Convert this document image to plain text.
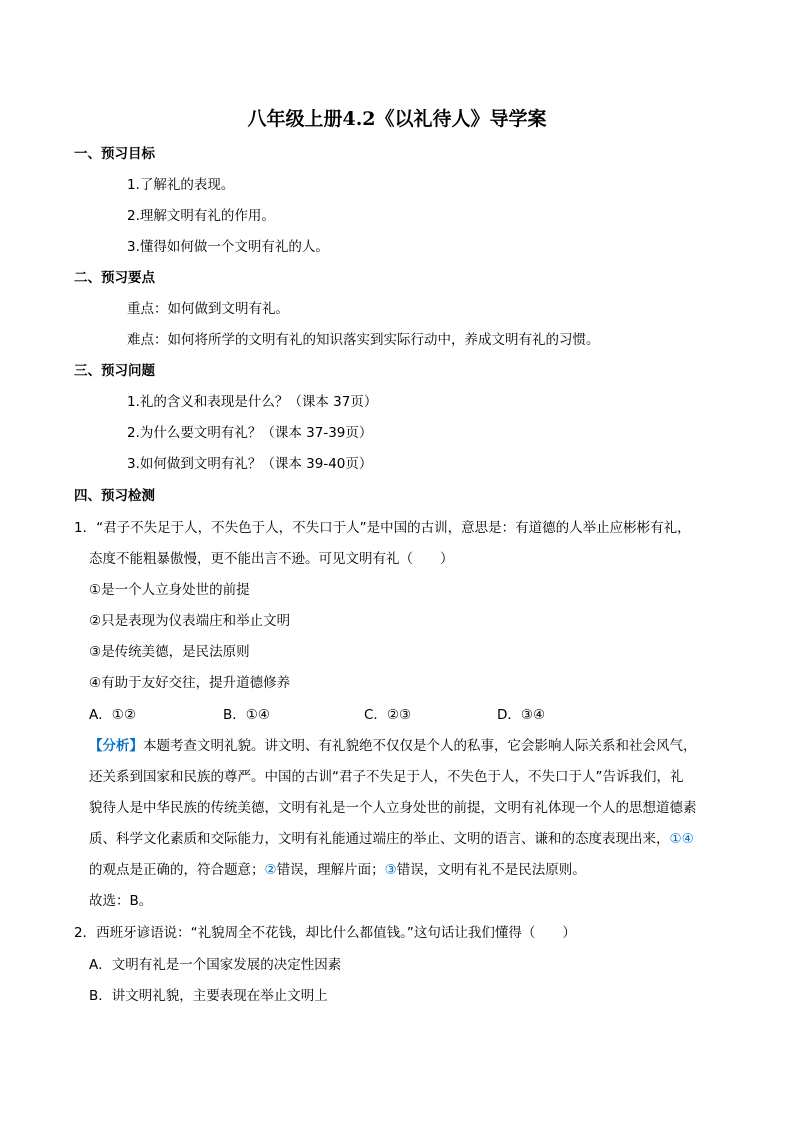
八年级上册4.2《以礼待人》导学案
一、预习目标
1.了解礼的表现。
2.理解文明有礼的作用。
3.懂得如何做一个文明有礼的人。
二、预习要点
重点：如何做到文明有礼。
难点：如何将所学的文明有礼的知识落实到实际行动中，养成文明有礼的习惯。
三、预习问题
1.礼的含义和表现是什么？（课本 37页）
2.为什么要文明有礼？（课本 37-39页）
3.如何做到文明有礼？（课本 39-40页）
四、预习检测
1．“君子不失足于人，不失色于人，不失口于人”是中国的古训，意思是：有道德的人举止应彬彬有礼，
态度不能粗暴傲慢，更不能出言不逊。可见文明有礼（　　）
①是一个人立身处世的前提
②只是表现为仪表端庄和举止文明
③是传统美德，是民法原则
④有助于友好交往，提升道德修养
A．①②	B．①④	C．②③	D．③④
【分析】本题考查文明礼貌。讲文明、有礼貌绝不仅仅是个人的私事，它会影响人际关系和社会风气，
还关系到国家和民族的尊严。中国的古训“君子不失足于人，不失色于人，不失口于人”告诉我们，礼
貌待人是中华民族的传统美德，文明有礼是一个人立身处世的前提，文明有礼体现一个人的思想道德素
质、科学文化素质和交际能力，文明有礼能通过端庄的举止、文明的语言、谦和的态度表现出来，①④
的观点是正确的，符合题意；②错误，理解片面；③错误，文明有礼不是民法原则。
故选：B。
2．西班牙谚语说：“礼貌周全不花钱，却比什么都值钱。”这句话让我们懂得（　　）
A．文明有礼是一个国家发展的决定性因素
B．讲文明礼貌，主要表现在举止文明上
